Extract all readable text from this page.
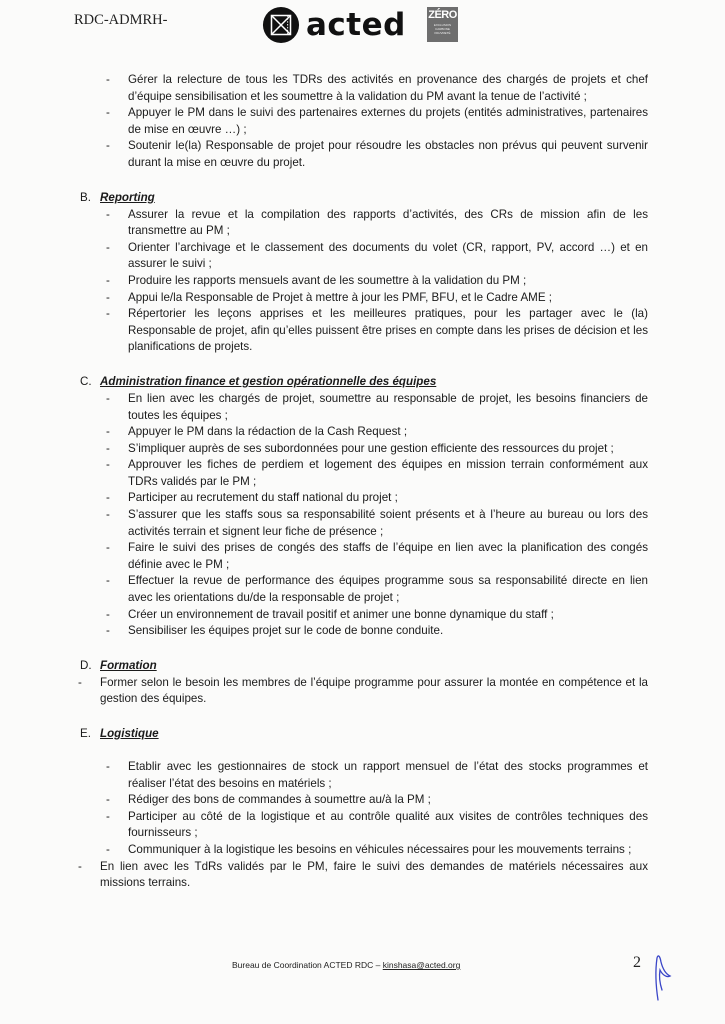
RDC-ADMRH-	acted ZÉRO
EXCLUSION
CARBONE
PAUVRETÉ
- Gérer la relecture de tous les TDRs des activités en provenance des chargés de projets et chef d’équipe sensibilisation et les soumettre à la validation du PM avant la tenue de l’activité ;
- Appuyer le PM dans le suivi des partenaires externes du projets (entités administratives, partenaires de mise en œuvre …) ;
- Soutenir le(la) Responsable de projet pour résoudre les obstacles non prévus qui peuvent survenir durant la mise en œuvre du projet.
B. Reporting
- Assurer la revue et la compilation des rapports d’activités, des CRs de mission afin de les transmettre au PM ;
- Orienter l’archivage et le classement des documents du volet (CR, rapport, PV, accord …) et en assurer le suivi ;
- Produire les rapports mensuels avant de les soumettre à la validation du PM ;
- Appui le/la Responsable de Projet à mettre à jour les PMF, BFU, et le Cadre AME ;
- Répertorier les leçons apprises et les meilleures pratiques, pour les partager avec le (la) Responsable de projet, afin qu’elles puissent être prises en compte dans les prises de décision et les planifications de projets.
C. Administration finance et gestion opérationnelle des équipes
- En lien avec les chargés de projet, soumettre au responsable de projet, les besoins financiers de toutes les équipes ;
- Appuyer le PM dans la rédaction de la Cash Request ;
- S’impliquer auprès de ses subordonnées pour une gestion efficiente des ressources du projet ;
- Approuver les fiches de perdiem et logement des équipes en mission terrain conformément aux TDRs validés par le PM ;
- Participer au recrutement du staff national du projet ;
- S’assurer que les staffs sous sa responsabilité soient présents et à l’heure au bureau ou lors des activités terrain et signent leur fiche de présence ;
- Faire le suivi des prises de congés des staffs de l’équipe en lien avec la planification des congés définie avec le PM ;
- Effectuer la revue de performance des équipes programme sous sa responsabilité directe en lien avec les orientations du/de la responsable de projet ;
- Créer un environnement de travail positif et animer une bonne dynamique du staff ;
- Sensibiliser les équipes projet sur le code de bonne conduite.
D. Formation
- Former selon le besoin les membres de l’équipe programme pour assurer la montée en compétence et la gestion des équipes.
E. Logistique
- Etablir avec les gestionnaires de stock un rapport mensuel de l’état des stocks programmes et réaliser l’état des besoins en matériels ;
- Rédiger des bons de commandes à soumettre au/à la PM ;
- Participer au côté de la logistique et au contrôle qualité aux visites de contrôles techniques des fournisseurs ;
- Communiquer à la logistique les besoins en véhicules nécessaires pour les mouvements terrains ;
- En lien avec les TdRs validés par le PM, faire le suivi des demandes de matériels nécessaires aux missions terrains.
Bureau de Coordination ACTED RDC – kinshasa@acted.org	2
